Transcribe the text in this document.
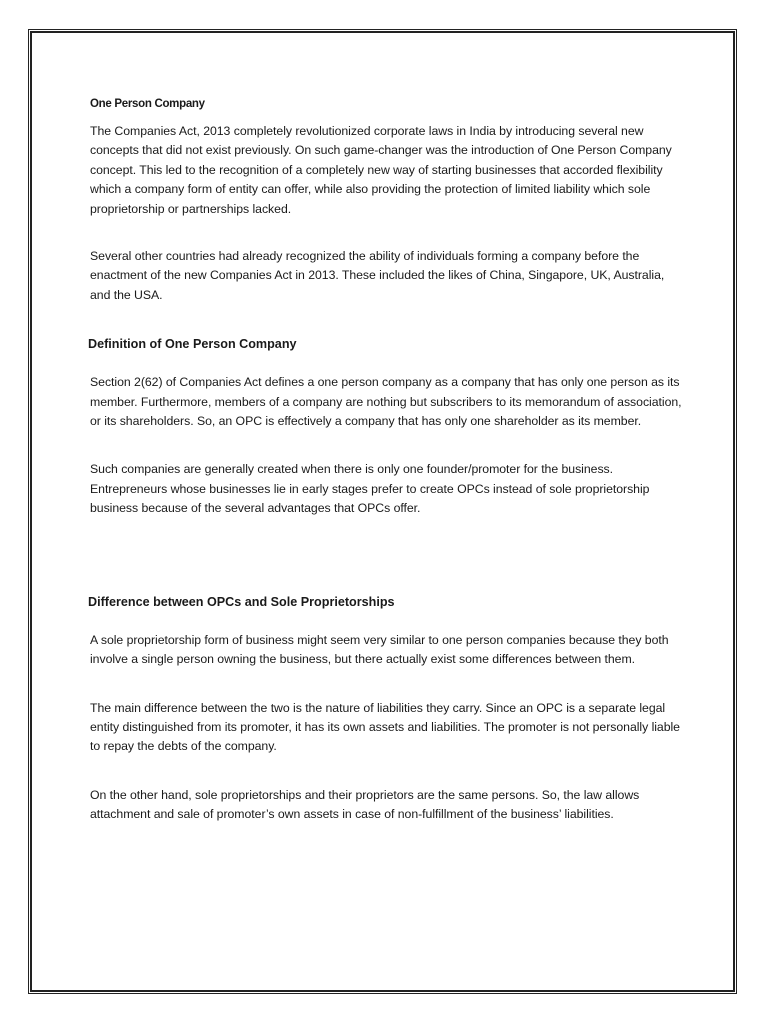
One Person Company

The Companies Act, 2013 completely revolutionized corporate laws in India by introducing several new concepts that did not exist previously. On such game-changer was the introduction of One Person Company concept. This led to the recognition of a completely new way of starting businesses that accorded flexibility which a company form of entity can offer, while also providing the protection of limited liability which sole proprietorship or partnerships lacked.

Several other countries had already recognized the ability of individuals forming a company before the enactment of the new Companies Act in 2013. These included the likes of China, Singapore, UK, Australia, and the USA.

Definition of One Person Company

Section 2(62) of Companies Act defines a one person company as a company that has only one person as its member. Furthermore, members of a company are nothing but subscribers to its memorandum of association, or its shareholders. So, an OPC is effectively a company that has only one shareholder as its member.

Such companies are generally created when there is only one founder/promoter for the business. Entrepreneurs whose businesses lie in early stages prefer to create OPCs instead of sole proprietorship business because of the several advantages that OPCs offer.

Difference between OPCs and Sole Proprietorships

A sole proprietorship form of business might seem very similar to one person companies because they both involve a single person owning the business, but there actually exist some differences between them.

The main difference between the two is the nature of liabilities they carry. Since an OPC is a separate legal entity distinguished from its promoter, it has its own assets and liabilities. The promoter is not personally liable to repay the debts of the company.

On the other hand, sole proprietorships and their proprietors are the same persons. So, the law allows attachment and sale of promoter’s own assets in case of non-fulfillment of the business’ liabilities.
